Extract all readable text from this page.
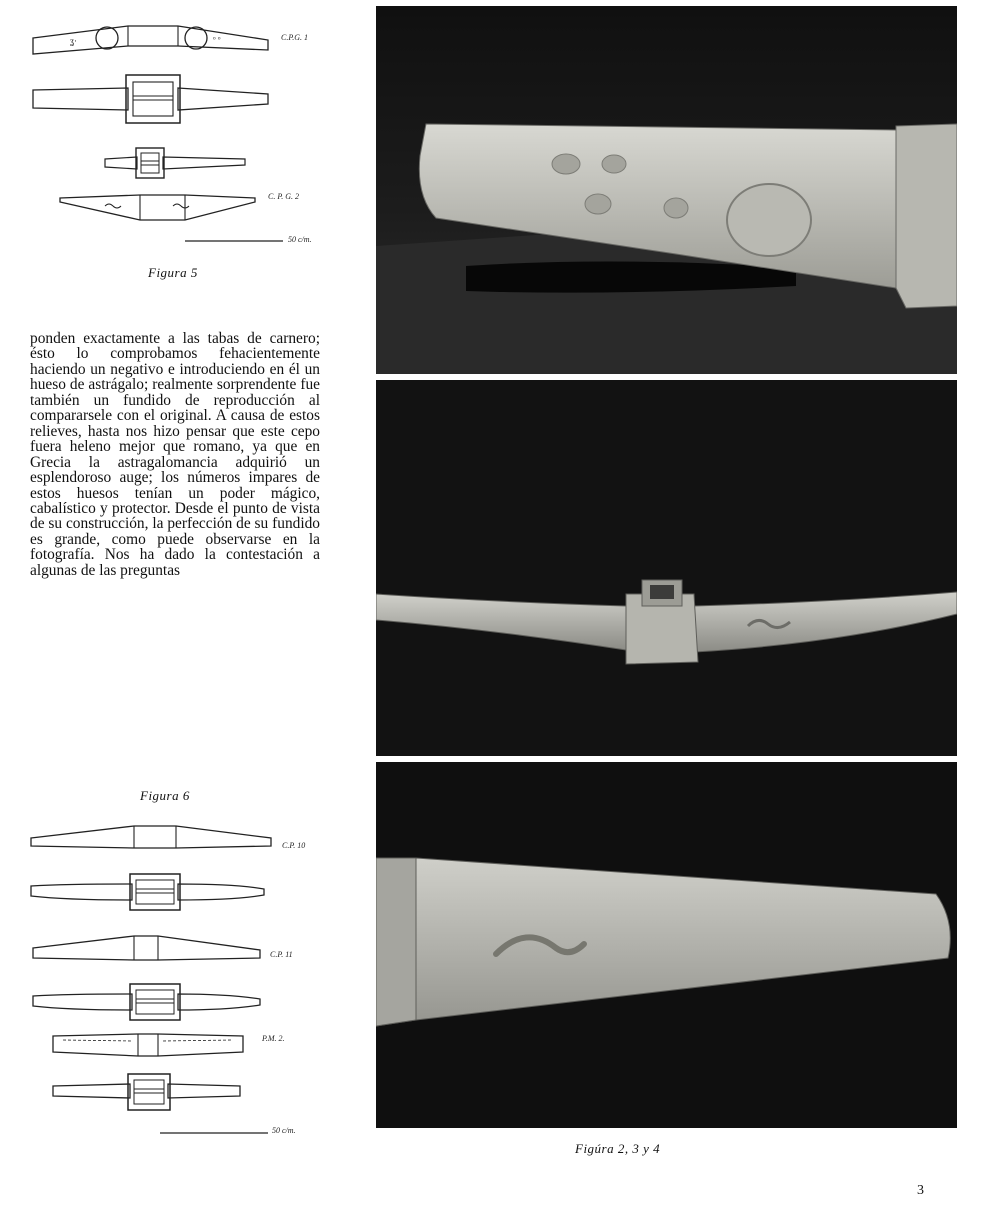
ʓ·	ᵒ ᵒ	C.P.G. 1
C. P. G. 2
50 c/m.
Figura 5

ponden exactamente a las tabas de carnero; ésto lo comprobamos fehacientemente haciendo un negativo e introduciendo en él un hueso de astrágalo; realmente sorprendente fue también un fundido de reproducción al compararsele con el original. A causa de estos relieves, hasta nos hizo pensar que este cepo fuera heleno mejor que romano, ya que en Grecia la astragalomancia adquirió un esplendoroso auge; los números impares de estos huesos tenían un poder mágico, cabalístico y protector. Desde el punto de vista de su construcción, la perfección de su fundido es grande, como puede observarse en la fotografía. Nos ha dado la contestación a algunas de las preguntas

Figura 6
C.P. 10
C.P. 11
P.M. 2.
50 c/m.
Figúra 2, 3 y 4
3
